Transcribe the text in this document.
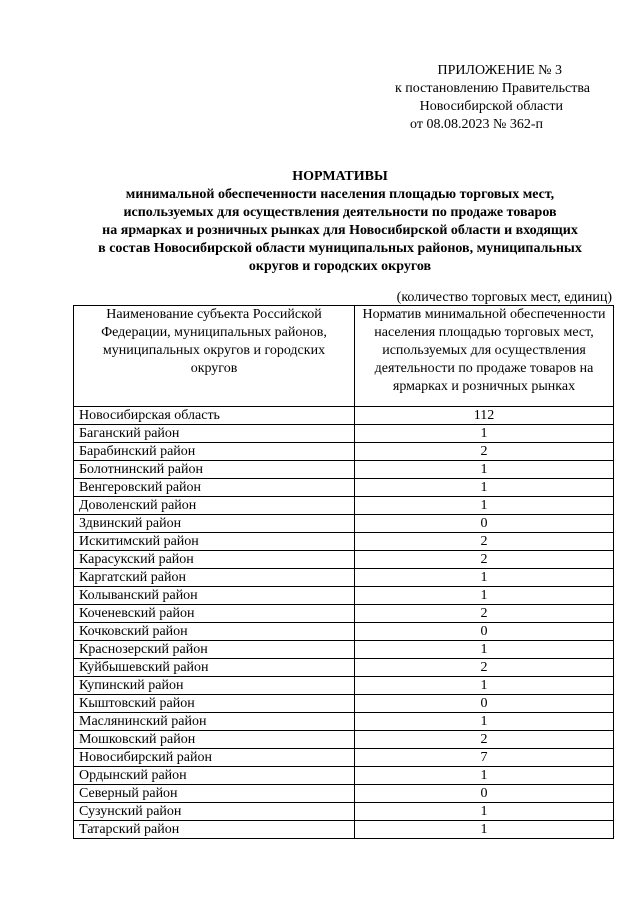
ПРИЛОЖЕНИЕ № 3
к постановлению Правительства
Новосибирской области
от 08.08.2023 № 362-п
НОРМАТИВЫ
минимальной обеспеченности населения площадью торговых мест,
используемых для осуществления деятельности по продаже товаров
на ярмарках и розничных рынках для Новосибирской области и входящих
в состав Новосибирской области муниципальных районов, муниципальных
округов и городских округов
(количество торговых мест, единиц)
Наименование субъекта Российской Федерации, муниципальных районов, муниципальных округов и городских округов	Норматив минимальной обеспеченности населения площадью торговых мест, используемых для осуществления деятельности по продаже товаров на ярмарках и розничных рынках
Новосибирская область	112
Баганский район	1
Барабинский район	2
Болотнинский район	1
Венгеровский район	1
Доволенский район	1
Здвинский район	0
Искитимский район	2
Карасукский район	2
Каргатский район	1
Колыванский район	1
Коченевский район	2
Кочковский район	0
Краснозерский район	1
Куйбышевский район	2
Купинский район	1
Кыштовский район	0
Маслянинский район	1
Мошковский район	2
Новосибирский район	7
Ордынский район	1
Северный район	0
Сузунский район	1
Татарский район	1
